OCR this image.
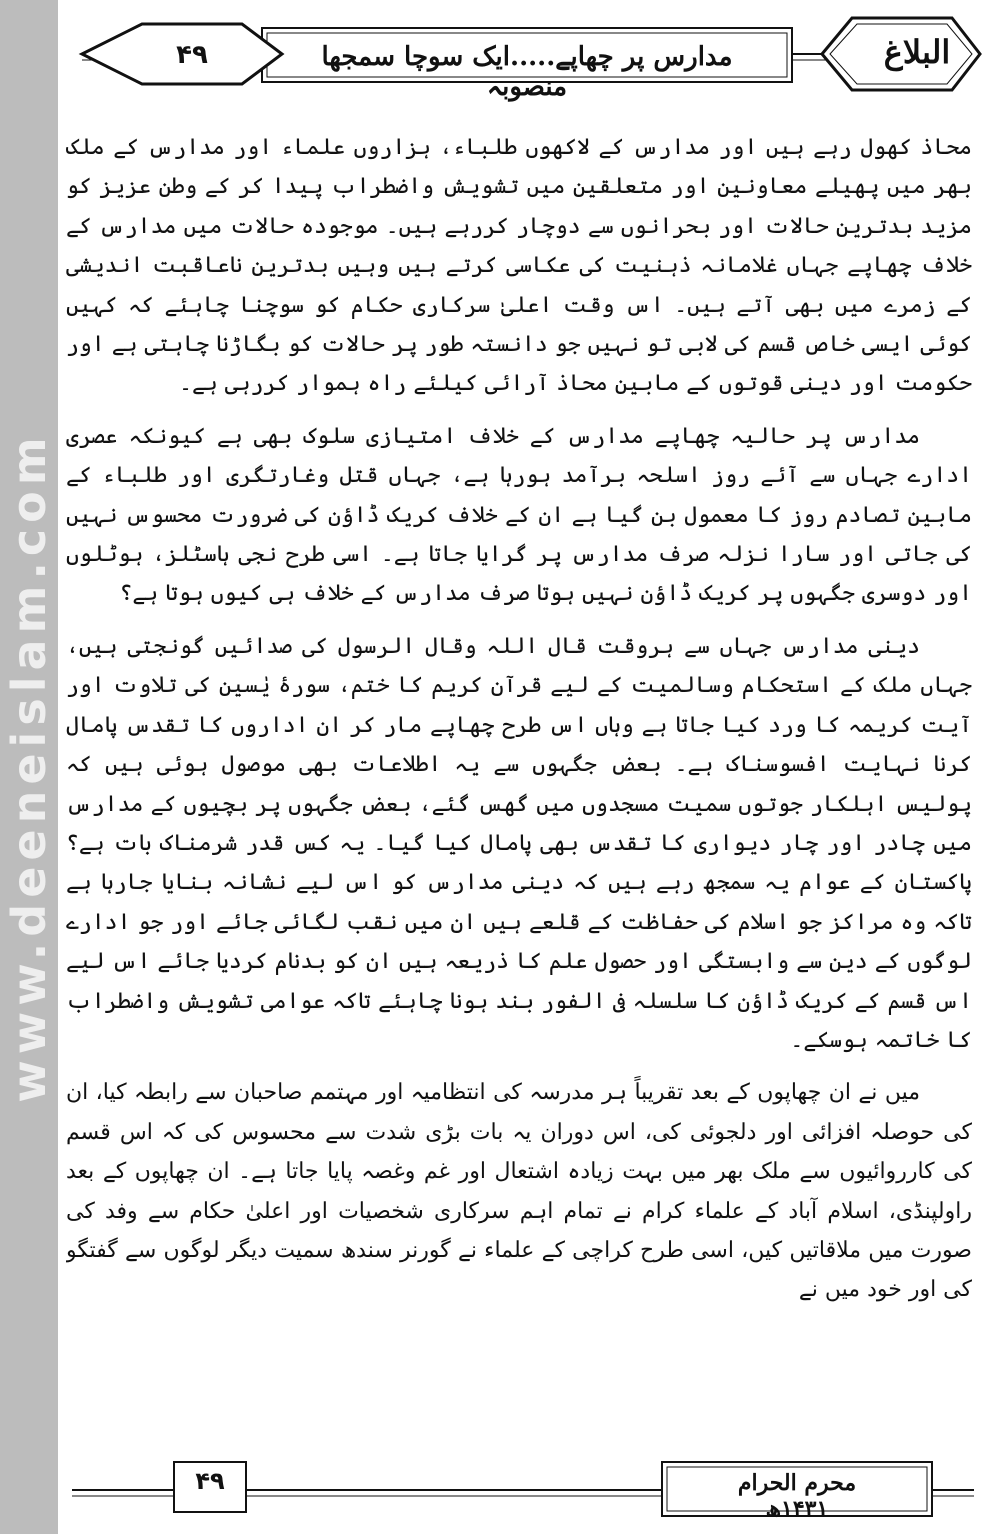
www.deeneislam.com
۴۹	مدارس پر چھاپے.....ایک سوچا سمجھا منصوبہ
البلاغ

محاذ کھول رہے ہیں اور مدارس کے لاکھوں طلباء، ہزاروں علماء اور مدارس کے ملک بھر میں پھیلے معاونین اور متعلقین میں تشویش واضطراب پیدا کر کے وطن عزیز کو مزید بدترین حالات اور بحرانوں سے دوچار کررہے ہیں۔ موجودہ حالات میں مدارس کے خلاف چھاپے جہاں غلامانہ ذہنیت کی عکاسی کرتے ہیں وہیں بدترین ناعاقبت اندیشی کے زمرے میں بھی آتے ہیں۔ اس وقت اعلیٰ سرکاری حکام کو سوچنا چاہئے کہ کہیں کوئی ایسی خاص قسم کی لابی تو نہیں جو دانستہ طور پر حالات کو بگاڑنا چاہتی ہے اور حکومت اور دینی قوتوں کے مابین محاذ آرائی کیلئے راہ ہموار کررہی ہے۔

مدارس پر حالیہ چھاپے مدارس کے خلاف امتیازی سلوک بھی ہے کیونکہ عصری ادارے جہاں سے آئے روز اسلحہ برآمد ہورہا ہے، جہاں قتل وغارتگری اور طلباء کے مابین تصادم روز کا معمول بن گیا ہے ان کے خلاف کریک ڈاؤن کی ضرورت محسوس نہیں کی جاتی اور سارا نزلہ صرف مدارس پر گرایا جاتا ہے۔ اسی طرح نجی ہاسٹلز، ہوٹلوں اور دوسری جگہوں پر کریک ڈاؤن نہیں ہوتا صرف مدارس کے خلاف ہی کیوں ہوتا ہے؟

دینی مدارس جہاں سے ہروقت قال اللہ وقال الرسول کی صدائیں گونجتی ہیں، جہاں ملک کے استحکام وسالمیت کے لیے قرآن کریم کا ختم، سورۂ یٰسین کی تلاوت اور آیت کریمہ کا ورد کیا جاتا ہے وہاں اس طرح چھاپے مار کر ان اداروں کا تقدس پامال کرنا نہایت افسوسناک ہے۔ بعض جگہوں سے یہ اطلاعات بھی موصول ہوئی ہیں کہ پولیس اہلکار جوتوں سمیت مسجدوں میں گھس گئے، بعض جگہوں پر بچیوں کے مدارس میں چادر اور چار دیواری کا تقدس بھی پامال کیا گیا۔ یہ کس قدر شرمناک بات ہے؟ پاکستان کے عوام یہ سمجھ رہے ہیں کہ دینی مدارس کو اس لیے نشانہ بنایا جارہا ہے تاکہ وہ مراکز جو اسلام کی حفاظت کے قلعے ہیں ان میں نقب لگائی جائے اور جو ادارے لوگوں کے دین سے وابستگی اور حصول علم کا ذریعہ ہیں ان کو بدنام کردیا جائے اس لیے اس قسم کے کریک ڈاؤن کا سلسلہ فی الفور بند ہونا چاہئے تاکہ عوامی تشویش واضطراب کا خاتمہ ہوسکے۔

میں نے ان چھاپوں کے بعد تقریباً ہر مدرسہ کی انتظامیہ اور مہتمم صاحبان سے رابطہ کیا، ان کی حوصلہ افزائی اور دلجوئی کی، اس دوران یہ بات بڑی شدت سے محسوس کی کہ اس قسم کی کارروائیوں سے ملک بھر میں بہت زیادہ اشتعال اور غم وغصہ پایا جاتا ہے۔ ان چھاپوں کے بعد راولپنڈی، اسلام آباد کے علماء کرام نے تمام اہم سرکاری شخصیات اور اعلیٰ حکام سے وفد کی صورت میں ملاقاتیں کیں، اسی طرح کراچی کے علماء نے گورنر سندھ سمیت دیگر لوگوں سے گفتگو کی اور خود میں نے

۴۹	محرم الحرام ۱۴۳۱ھ
